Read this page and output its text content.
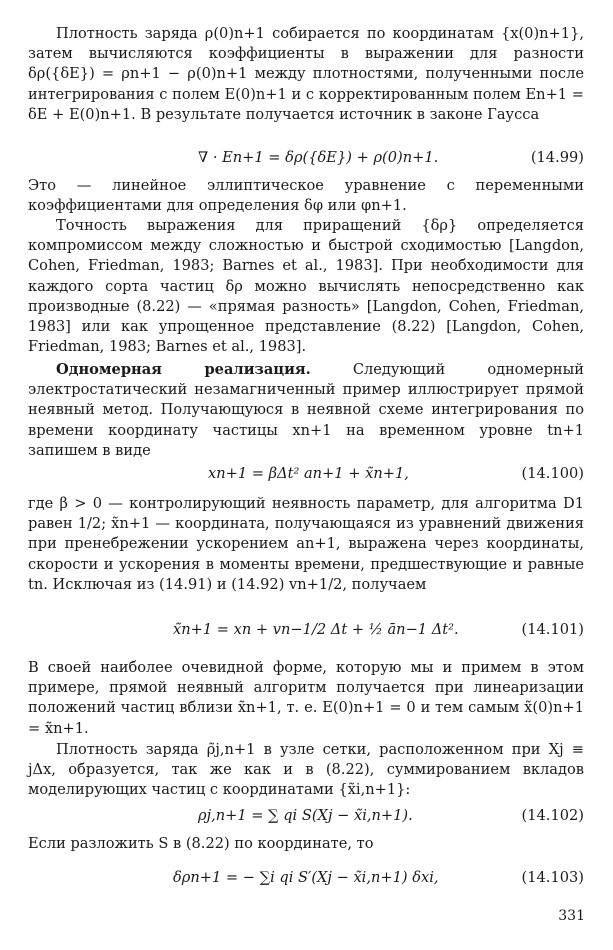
Плотность заряда ρ(0)n+1 собирается по координатам {x(0)n+1}, затем вычисляются коэффициенты в выражении для разности δρ({δE}) = ρn+1 − ρ(0)n+1 между плотностями, полученными после интегрирования с полем E(0)n+1 и с корректированным полем En+1 = δE + E(0)n+1. В результате получается источник в законе Гаусса

∇ · En+1 = δρ({δE}) + ρ(0)n+1.	(14.99)

Это — линейное эллиптическое уравнение с переменными коэффициентами для определения δφ или φn+1.

Точность выражения для приращений {δρ} определяется компромиссом между сложностью и быстрой сходимостью [Langdon, Cohen, Friedman, 1983; Barnes et al., 1983]. При необходимости для каждого сорта частиц δρ можно вычислять непосредственно как производные (8.22) — «прямая разность» [Langdon, Cohen, Friedman, 1983] или как упрощенное представление (8.22) [Langdon, Cohen, Friedman, 1983; Barnes et al., 1983].

Одномерная реализация.	Следующий одномерный электростатический незамагниченный пример иллюстрирует прямой неявный метод. Получающуюся в неявной схеме интегрирования по времени координату частицы xn+1 на временном уровне tn+1 запишем в виде

xn+1 = βΔt² an+1 + x̃n+1,	(14.100)

где β > 0 — контролирующий неявность параметр, для алгоритма D1 равен 1/2; x̃n+1 — координата, получающаяся из уравнений движения при пренебрежении ускорением an+1, выражена через координаты, скорости и ускорения в моменты времени, предшествующие и равные tn. Исключая из (14.91) и (14.92) vn+1/2, получаем

x̃n+1 = xn + vn−1/2 Δt + ½ ān−1 Δt².	(14.101)

В своей наиболее очевидной форме, которую мы и примем в этом примере, прямой неявный алгоритм получается при линеаризации положений частиц вблизи x̃n+1, т. е. E(0)n+1 = 0 и тем самым x̃(0)n+1 = x̃n+1.

Плотность заряда ρ̃j,n+1 в узле сетки, расположенном при Xj ≡ jΔx, образуется, так же как и в (8.22), суммированием вкладов моделирующих частиц с координатами {x̃i,n+1}:

ρj,n+1 = ∑ qi S(Xj − x̃i,n+1).	(14.102)

Если разложить S в (8.22) по координате, то

δρn+1 = − ∑i qi S′(Xj − x̃i,n+1) δxi,	(14.103)
331
